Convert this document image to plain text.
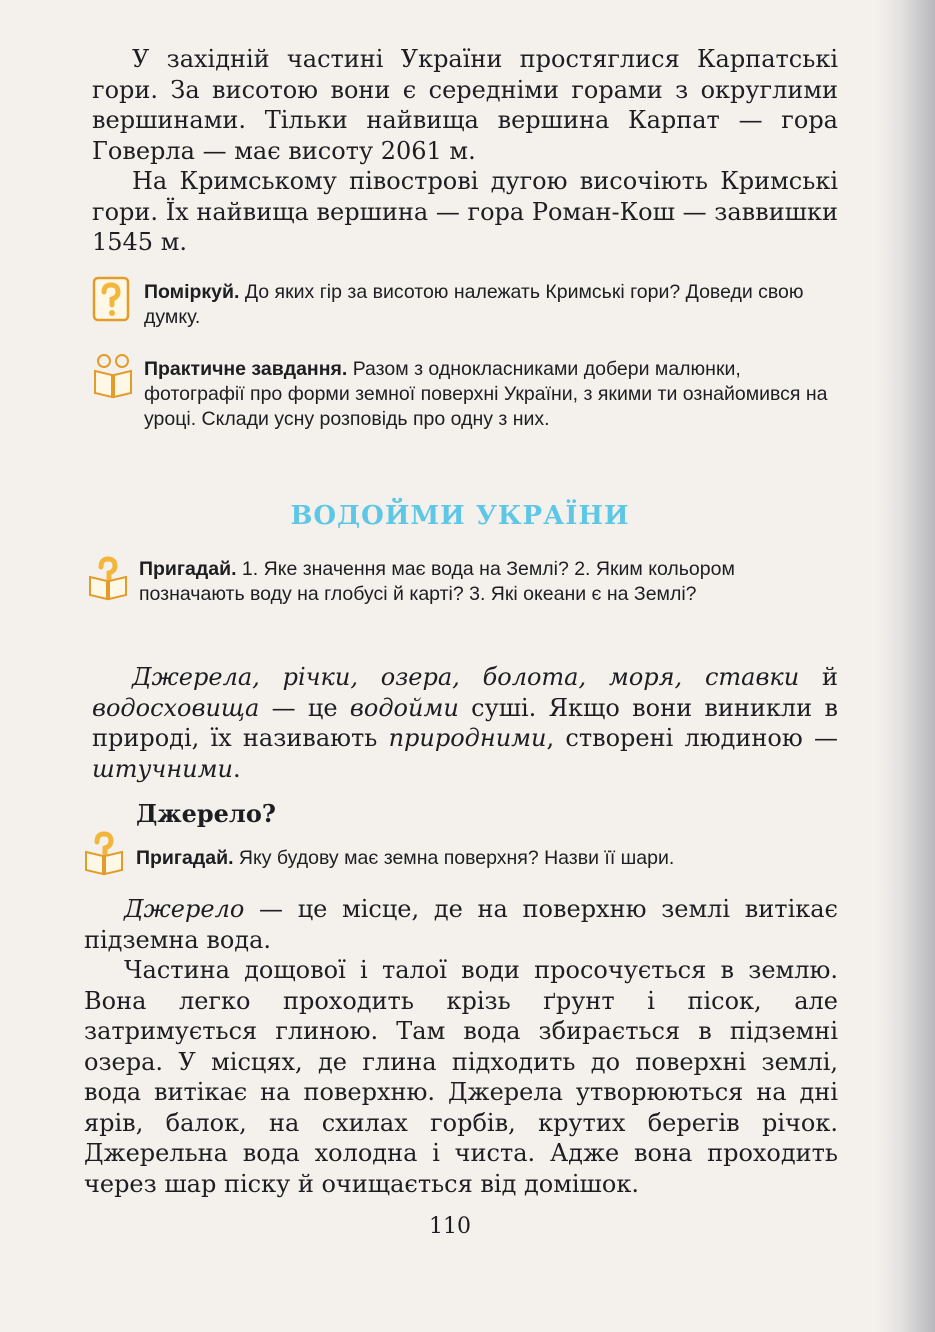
У західній частині України простяглися Карпатські гори. За висотою вони є середніми горами з округлими вершинами. Тільки найвища вершина Карпат — гора Говерла — має висоту 2061 м.

На Кримському півострові дугою височіють Кримські гори. Їх найвища вершина — гора Роман-Кош — заввишки 1545 м.

Поміркуй. До яких гір за висотою належать Кримські гори? Доведи свою думку.

Практичне завдання. Разом з однокласниками добери малюнки, фотографії про форми земної поверхні України, з якими ти ознайомився на уроці. Склади усну розповідь про одну з них.

ВОДОЙМИ УКРАЇНИ

Пригадай. 1. Яке значення має вода на Землі? 2. Яким кольором позначають воду на глобусі й карті? 3. Які океани є на Землі?

Джерела, річки, озера, болота, моря, ставки й водосховища — це водойми суші. Якщо вони виникли в природі, їх називають природними, створені людиною — штучними.

Джерело?

Пригадай. Яку будову має земна поверхня? Назви її шари.

Джерело — це місце, де на поверхню землі витікає підземна вода.

Частина дощової і талої води просочується в землю. Вона легко проходить крізь ґрунт і пісок, але затримується глиною. Там вода збирається в підземні озера. У місцях, де глина підходить до поверхні землі, вода витікає на поверхню. Джерела утворюються на дні ярів, балок, на схилах горбів, крутих берегів річок. Джерельна вода холодна і чиста. Адже вона проходить через шар піску й очищається від домішок.

110
